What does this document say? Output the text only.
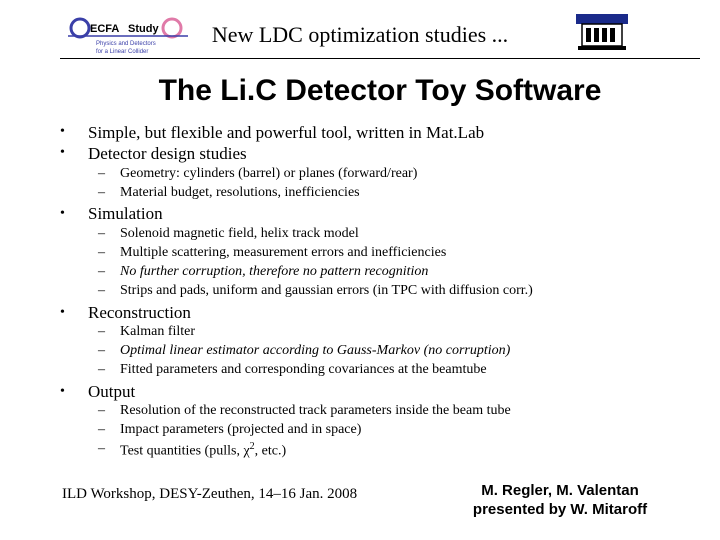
ECFA Study
Physics and Detectors
for a Linear Collider
New LDC optimization studies ...
The Li.C Detector Toy Software
• Simple, but flexible and powerful tool, written in Mat.Lab
• Detector design studies
– Geometry: cylinders (barrel) or planes (forward/rear)
– Material budget, resolutions, inefficiencies
• Simulation
– Solenoid magnetic field, helix track model
– Multiple scattering, measurement errors and inefficiencies
– No further corruption, therefore no pattern recognition
– Strips and pads, uniform and gaussian errors (in TPC with diffusion corr.)
• Reconstruction
– Kalman filter
– Optimal linear estimator according to Gauss-Markov (no corruption)
– Fitted parameters and corresponding covariances at the beamtube
• Output
– Resolution of the reconstructed track parameters inside the beam tube
– Impact parameters (projected and in space)
– Test quantities (pulls, $\chi^2$, etc.)
ILD Workshop, DESY-Zeuthen, 14–16 Jan. 2008	M. Regler, M. Valentan
presented by W. Mitaroff
